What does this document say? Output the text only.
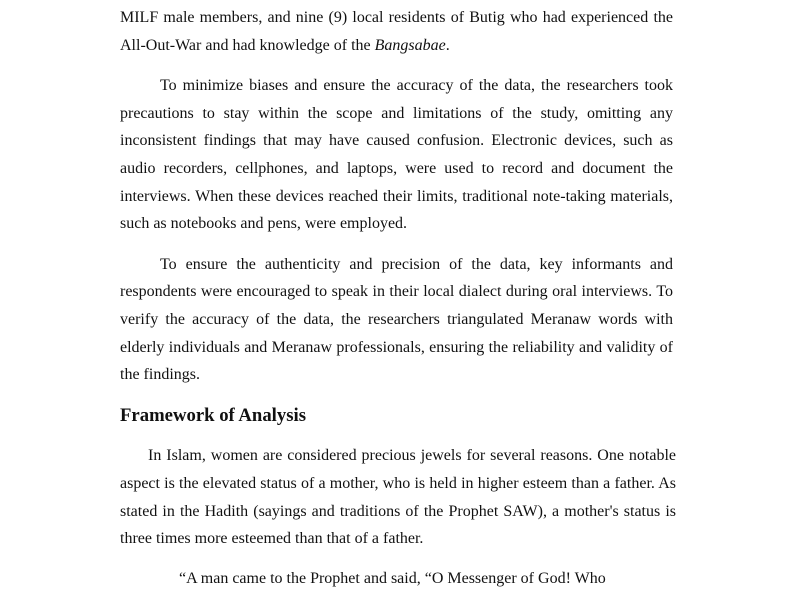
MILF male members, and nine (9) local residents of Butig who had experienced the All-Out-War and had knowledge of the Bangsabae.

To minimize biases and ensure the accuracy of the data, the researchers took precautions to stay within the scope and limitations of the study, omitting any inconsistent findings that may have caused confusion. Electronic devices, such as audio recorders, cellphones, and laptops, were used to record and document the interviews. When these devices reached their limits, traditional note-taking materials, such as notebooks and pens, were employed.

To ensure the authenticity and precision of the data, key informants and respondents were encouraged to speak in their local dialect during oral interviews. To verify the accuracy of the data, the researchers triangulated Meranaw words with elderly individuals and Meranaw professionals, ensuring the reliability and validity of the findings.

Framework of Analysis

In Islam, women are considered precious jewels for several reasons. One notable aspect is the elevated status of a mother, who is held in higher esteem than a father. As stated in the Hadith (sayings and traditions of the Prophet SAW), a mother's status is three times more esteemed than that of a father.

“A man came to the Prophet and said, “O Messenger of God! Who
